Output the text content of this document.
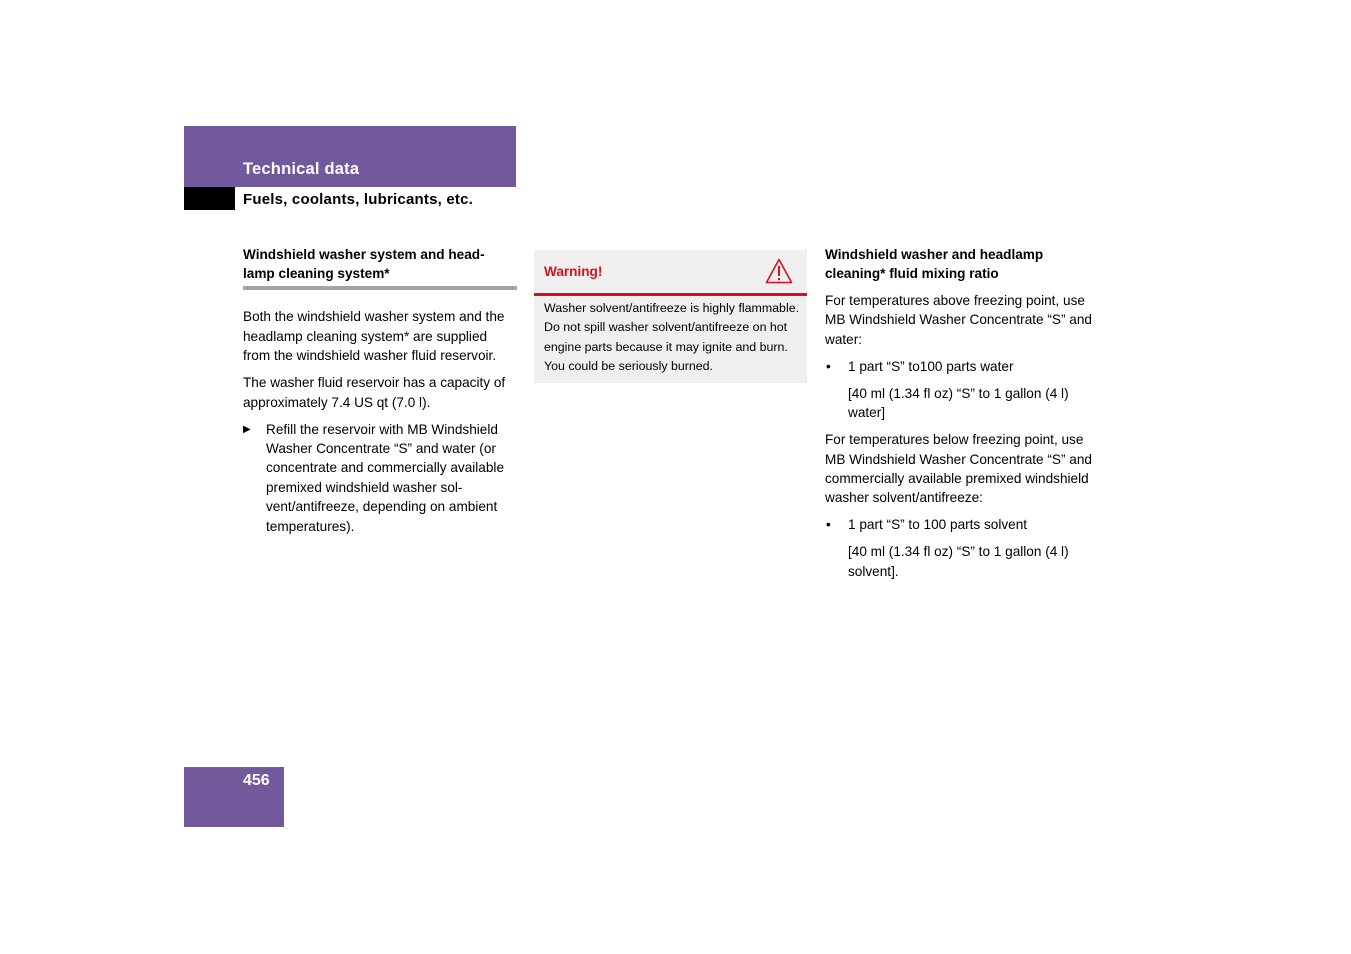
Technical data
Fuels, coolants, lubricants, etc.
Windshield washer system and head-
lamp cleaning system*

Both the windshield washer system and the headlamp cleaning system* are supplied from the windshield washer fluid reservoir.

The washer fluid reservoir has a capacity of approximately 7.4 US qt (7.0 l).

▶ Refill the reservoir with MB Windshield Washer Concentrate “S” and water (or concentrate and commercially available premixed windshield washer solvent/antifreeze, depending on ambient temperatures).
Warning!
Washer solvent/antifreeze is highly flammable. Do not spill washer solvent/antifreeze on hot engine parts because it may ignite and burn. You could be seriously burned.
Windshield washer and headlamp
cleaning* fluid mixing ratio

For temperatures above freezing point, use MB Windshield Washer Concentrate “S” and water:

• 1 part “S” to100 parts water

[40 ml (1.34 fl oz) “S” to 1 gallon (4 l) water]

For temperatures below freezing point, use MB Windshield Washer Concentrate “S” and commercially available premixed windshield washer solvent/antifreeze:

• 1 part “S” to 100 parts solvent

[40 ml (1.34 fl oz) “S” to 1 gallon (4 l) solvent].

456
